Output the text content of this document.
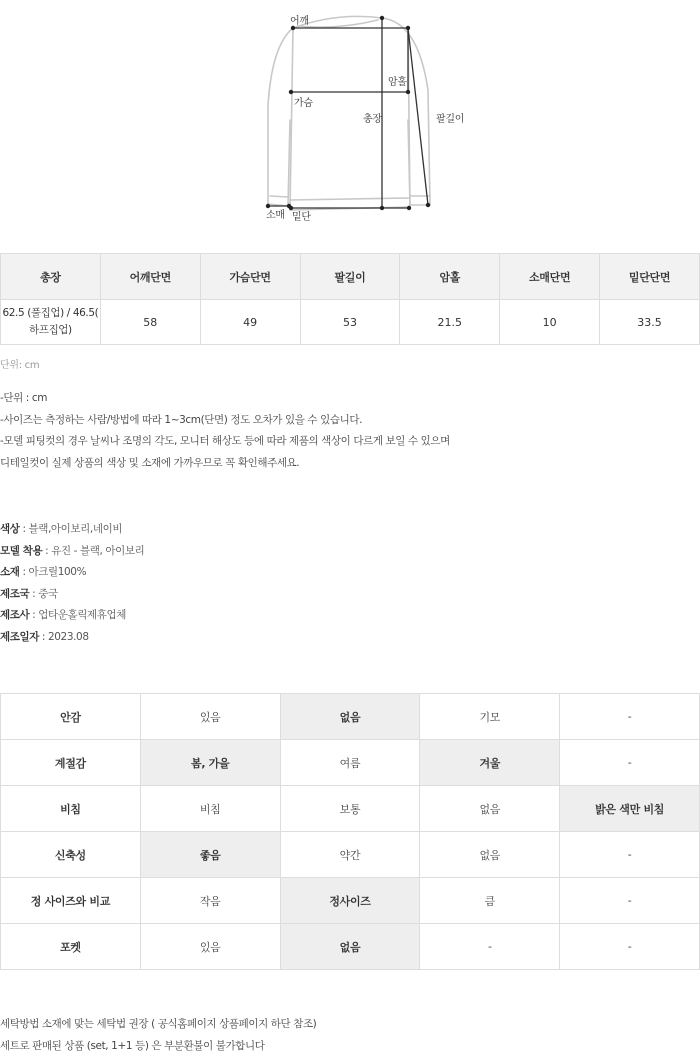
어깨
암홀
가슴
총장	팔길이
소매 밑단
총장	어깨단면	가슴단면	팔길이	암홀	소매단면	밑단단면
62.5 (풀집업) / 46.5(
하프집업)	58	49	53	21.5	10	33.5
단위: cm
-단위 : cm
-사이즈는 측정하는 사람/방법에 따라 1~3cm(단면) 정도 오차가 있을 수 있습니다.
-모델 피팅컷의 경우 날씨나 조명의 각도, 모니터 해상도 등에 따라 제품의 색상이 다르게 보일 수 있으며
디테일컷이 실제 상품의 색상 및 소재에 가까우므로 꼭 확인해주세요.
색상 : 블랙,아이보리,네이비
모델 착용 : 유진 - 블랙, 아이보리
소재 : 아크릴100%
제조국 : 중국
제조사 : 업타운홀릭제휴업체
제조일자 : 2023.08
안감	있음	없음	기모	-
계절감	봄, 가을	여름	겨울	-
비침	비침	보통	없음	밝은 색만 비침
신축성	좋음	약간	없음	-
정 사이즈와 비교	작음	정사이즈	큼	-
포켓	있음	없음	-	-
세탁방법 소재에 맞는 세탁법 권장 ( 공식홈페이지 상품페이지 하단 참조)
세트로 판매된 상품 (set, 1+1 등) 은 부분환불이 불가합니다
